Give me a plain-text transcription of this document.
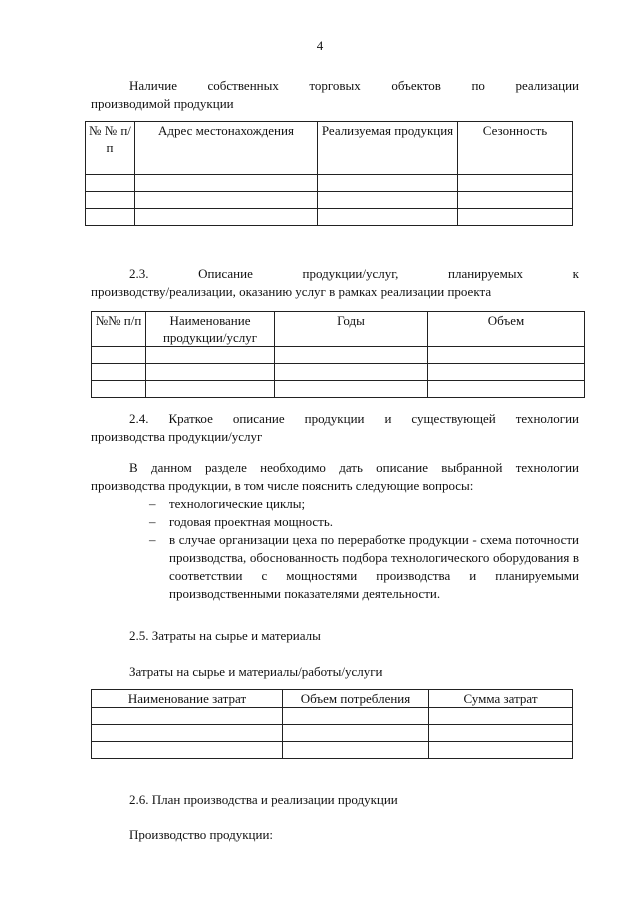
4
Наличие собственных торговых объектов по реализации
производимой продукции
№ № п/п	Адрес местонахождения	Реализуемая продукция	Сезонность

2.3. Описание продукции/услуг, планируемых к
производству/реализации, оказанию услуг в рамках реализации проекта
№№ п/п	Наименование продукции/услуг	Годы	Объем

2.4. Краткое описание продукции и существующей технологии
производства продукции/услуг
В данном разделе необходимо дать описание выбранной технологии
производства продукции, в том числе пояснить следующие вопросы:
– технологические циклы;
– годовая проектная мощность.
– в случае организации цеха по переработке продукции - схема поточности производства, обоснованность подбора технологического оборудования в соответствии с мощностями производства и планируемыми производственными показателями деятельности.
2.5. Затраты на сырье и материалы
Затраты на сырье и материалы/работы/услуги
Наименование затрат	Объем потребления	Сумма затрат

2.6. План производства и реализации продукции
Производство продукции:
